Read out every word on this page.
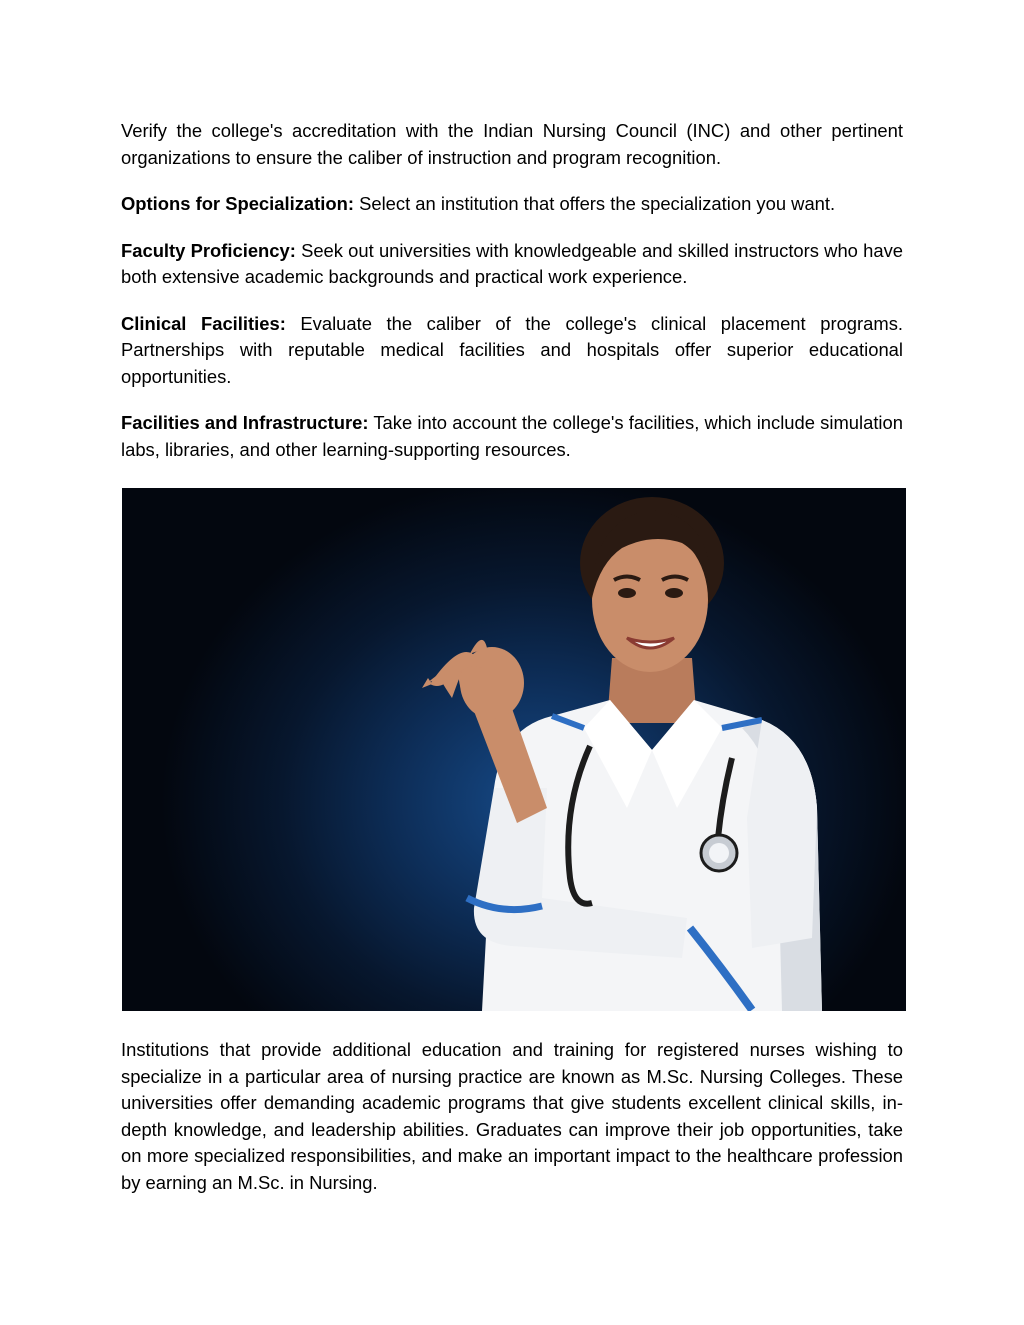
Verify the college's accreditation with the Indian Nursing Council (INC) and other pertinent organizations to ensure the caliber of instruction and program recognition.

Options for Specialization: Select an institution that offers the specialization you want.

Faculty Proficiency: Seek out universities with knowledgeable and skilled instructors who have both extensive academic backgrounds and practical work experience.

Clinical Facilities: Evaluate the caliber of the college's clinical placement programs. Partnerships with reputable medical facilities and hospitals offer superior educational opportunities.

Facilities and Infrastructure: Take into account the college's facilities, which include simulation labs, libraries, and other learning-supporting resources.

Institutions that provide additional education and training for registered nurses wishing to specialize in a particular area of nursing practice are known as M.Sc. Nursing Colleges. These universities offer demanding academic programs that give students excellent clinical skills, in-depth knowledge, and leadership abilities. Graduates can improve their job opportunities, take on more specialized responsibilities, and make an important impact to the healthcare profession by earning an M.Sc. in Nursing.
